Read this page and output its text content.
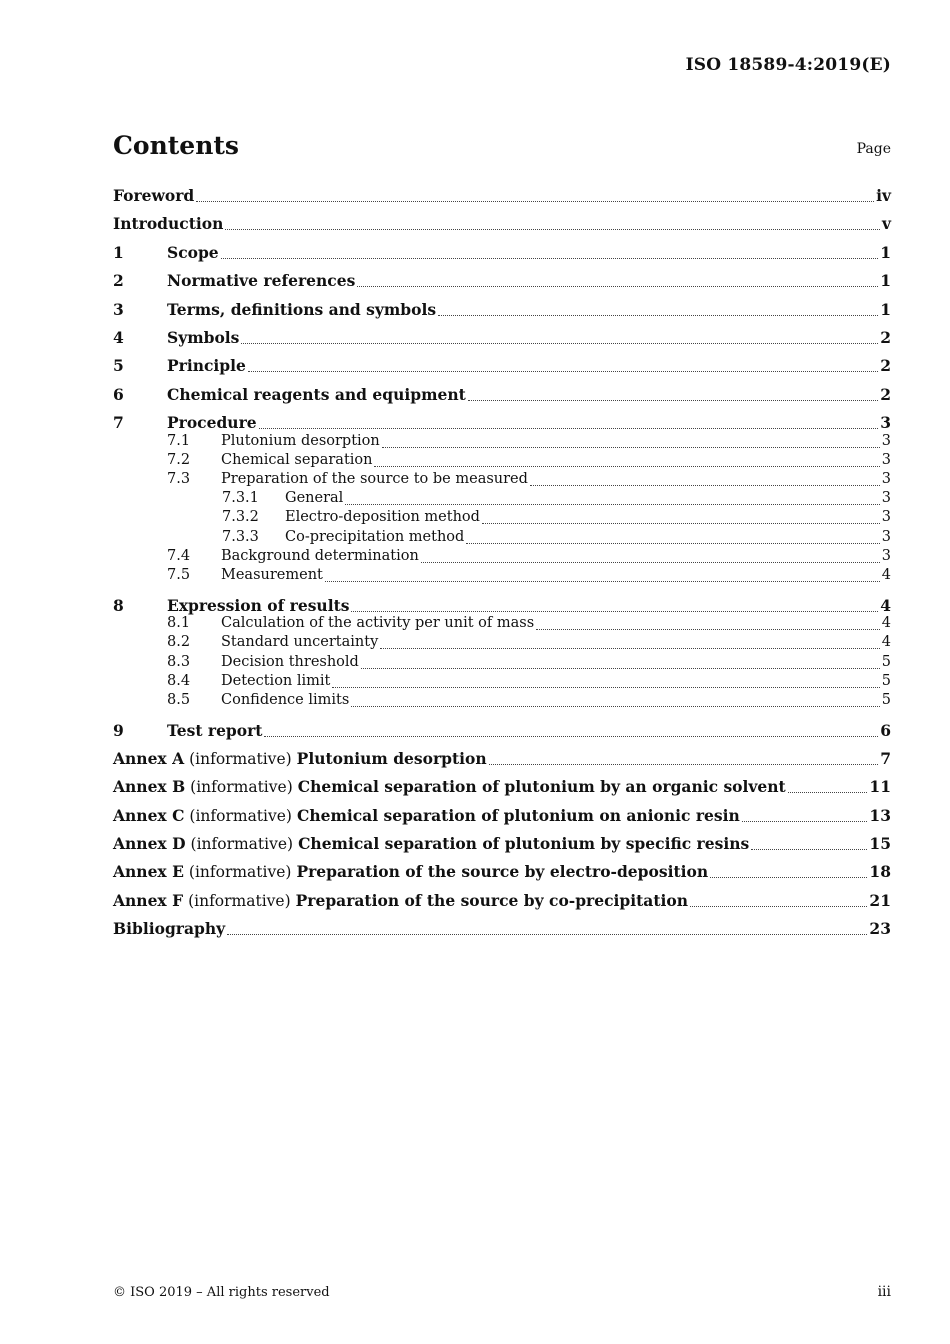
ISO 18589-4:2019(E)
Contents	Page
Foreword	iv
Introduction	v
1	Scope	1
2	Normative references	1
3	Terms, definitions and symbols	1
4	Symbols	2
5	Principle	2
6	Chemical reagents and equipment	2
7	Procedure	3
7.1	Plutonium desorption	3
7.2	Chemical separation	3
7.3	Preparation of the source to be measured	3
7.3.1	General	3
7.3.2	Electro-deposition method	3
7.3.3	Co-precipitation method	3
7.4	Background determination	3
7.5	Measurement	4
8	Expression of results	4
8.1	Calculation of the activity per unit of mass	4
8.2	Standard uncertainty	4
8.3	Decision threshold	5
8.4	Detection limit	5
8.5	Confidence limits	5
9	Test report	6
Annex A (informative) Plutonium desorption	7
Annex B (informative) Chemical separation of plutonium by an organic solvent	11
Annex C (informative) Chemical separation of plutonium on anionic resin	13
Annex D (informative) Chemical separation of plutonium by specific resins	15
Annex E (informative) Preparation of the source by electro-deposition	18
Annex F (informative) Preparation of the source by co-precipitation	21
Bibliography	23
© ISO 2019 – All rights reserved	iii
